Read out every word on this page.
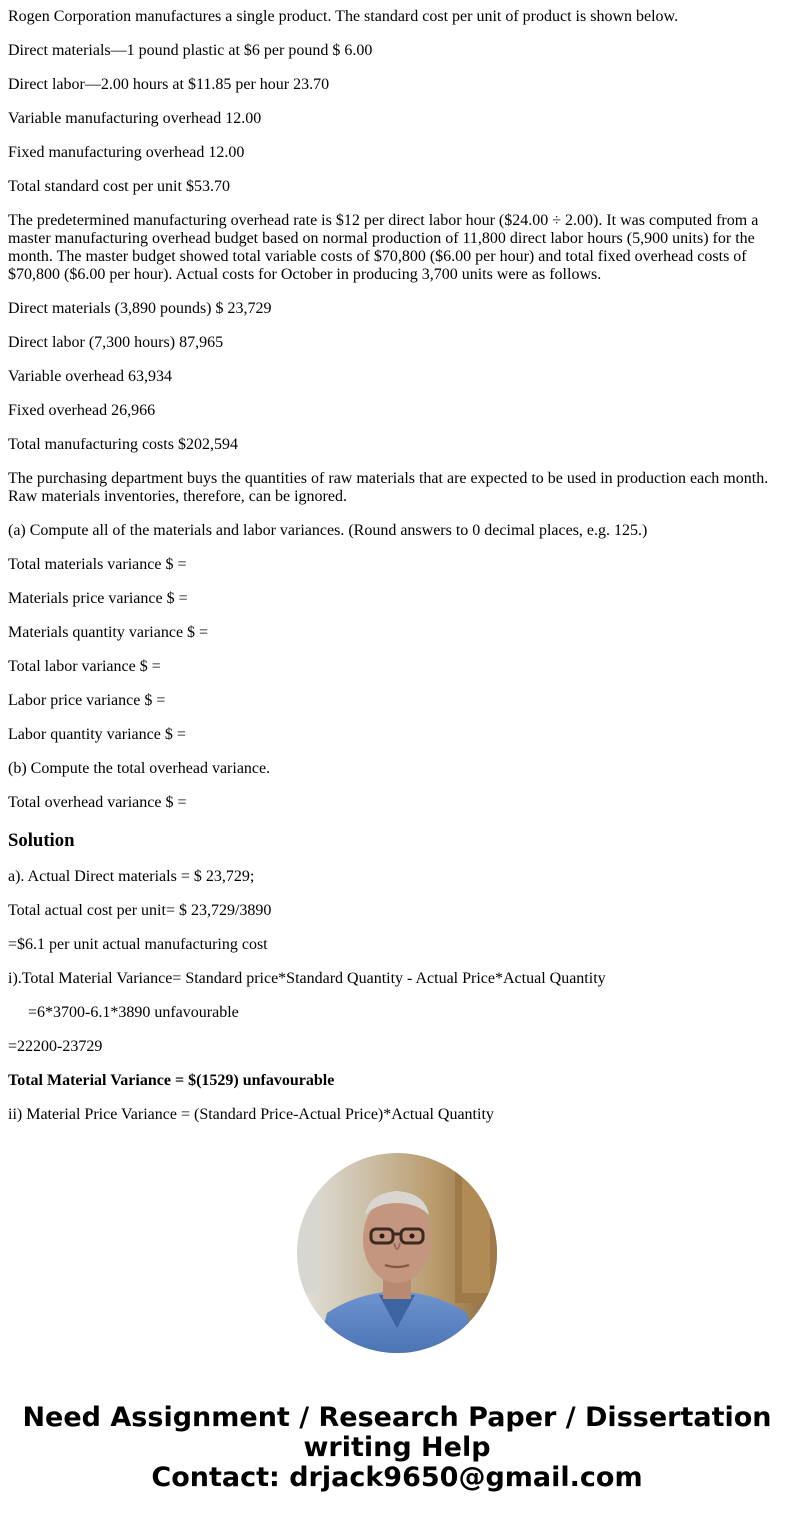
Rogen Corporation manufactures a single product. The standard cost per unit of product is shown below.

Direct materials—1 pound plastic at $6 per pound $ 6.00

Direct labor—2.00 hours at $11.85 per hour 23.70

Variable manufacturing overhead 12.00

Fixed manufacturing overhead 12.00

Total standard cost per unit $53.70

The predetermined manufacturing overhead rate is $12 per direct labor hour ($24.00 ÷ 2.00). It was computed from a master manufacturing overhead budget based on normal production of 11,800 direct labor hours (5,900 units) for the month. The master budget showed total variable costs of $70,800 ($6.00 per hour) and total fixed overhead costs of $70,800 ($6.00 per hour). Actual costs for October in producing 3,700 units were as follows.

Direct materials (3,890 pounds) $ 23,729

Direct labor (7,300 hours) 87,965

Variable overhead 63,934

Fixed overhead 26,966

Total manufacturing costs $202,594

The purchasing department buys the quantities of raw materials that are expected to be used in production each month. Raw materials inventories, therefore, can be ignored.

(a) Compute all of the materials and labor variances. (Round answers to 0 decimal places, e.g. 125.)

Total materials variance $ =

Materials price variance $ =

Materials quantity variance $ =

Total labor variance $ =

Labor price variance $ =

Labor quantity variance $ =

(b) Compute the total overhead variance.

Total overhead variance $ =

Solution

a). Actual Direct materials = $ 23,729;

Total actual cost per unit= $ 23,729/3890

=$6.1 per unit actual manufacturing cost

i).Total Material Variance= Standard price*Standard Quantity - Actual Price*Actual Quantity

=6*3700-6.1*3890 unfavourable

=22200-23729

Total Material Variance = $(1529) unfavourable

ii) Material Price Variance = (Standard Price-Actual Price)*Actual Quantity

Need Assignment / Research Paper / Dissertation
writing Help
Contact: drjack9650@gmail.com
